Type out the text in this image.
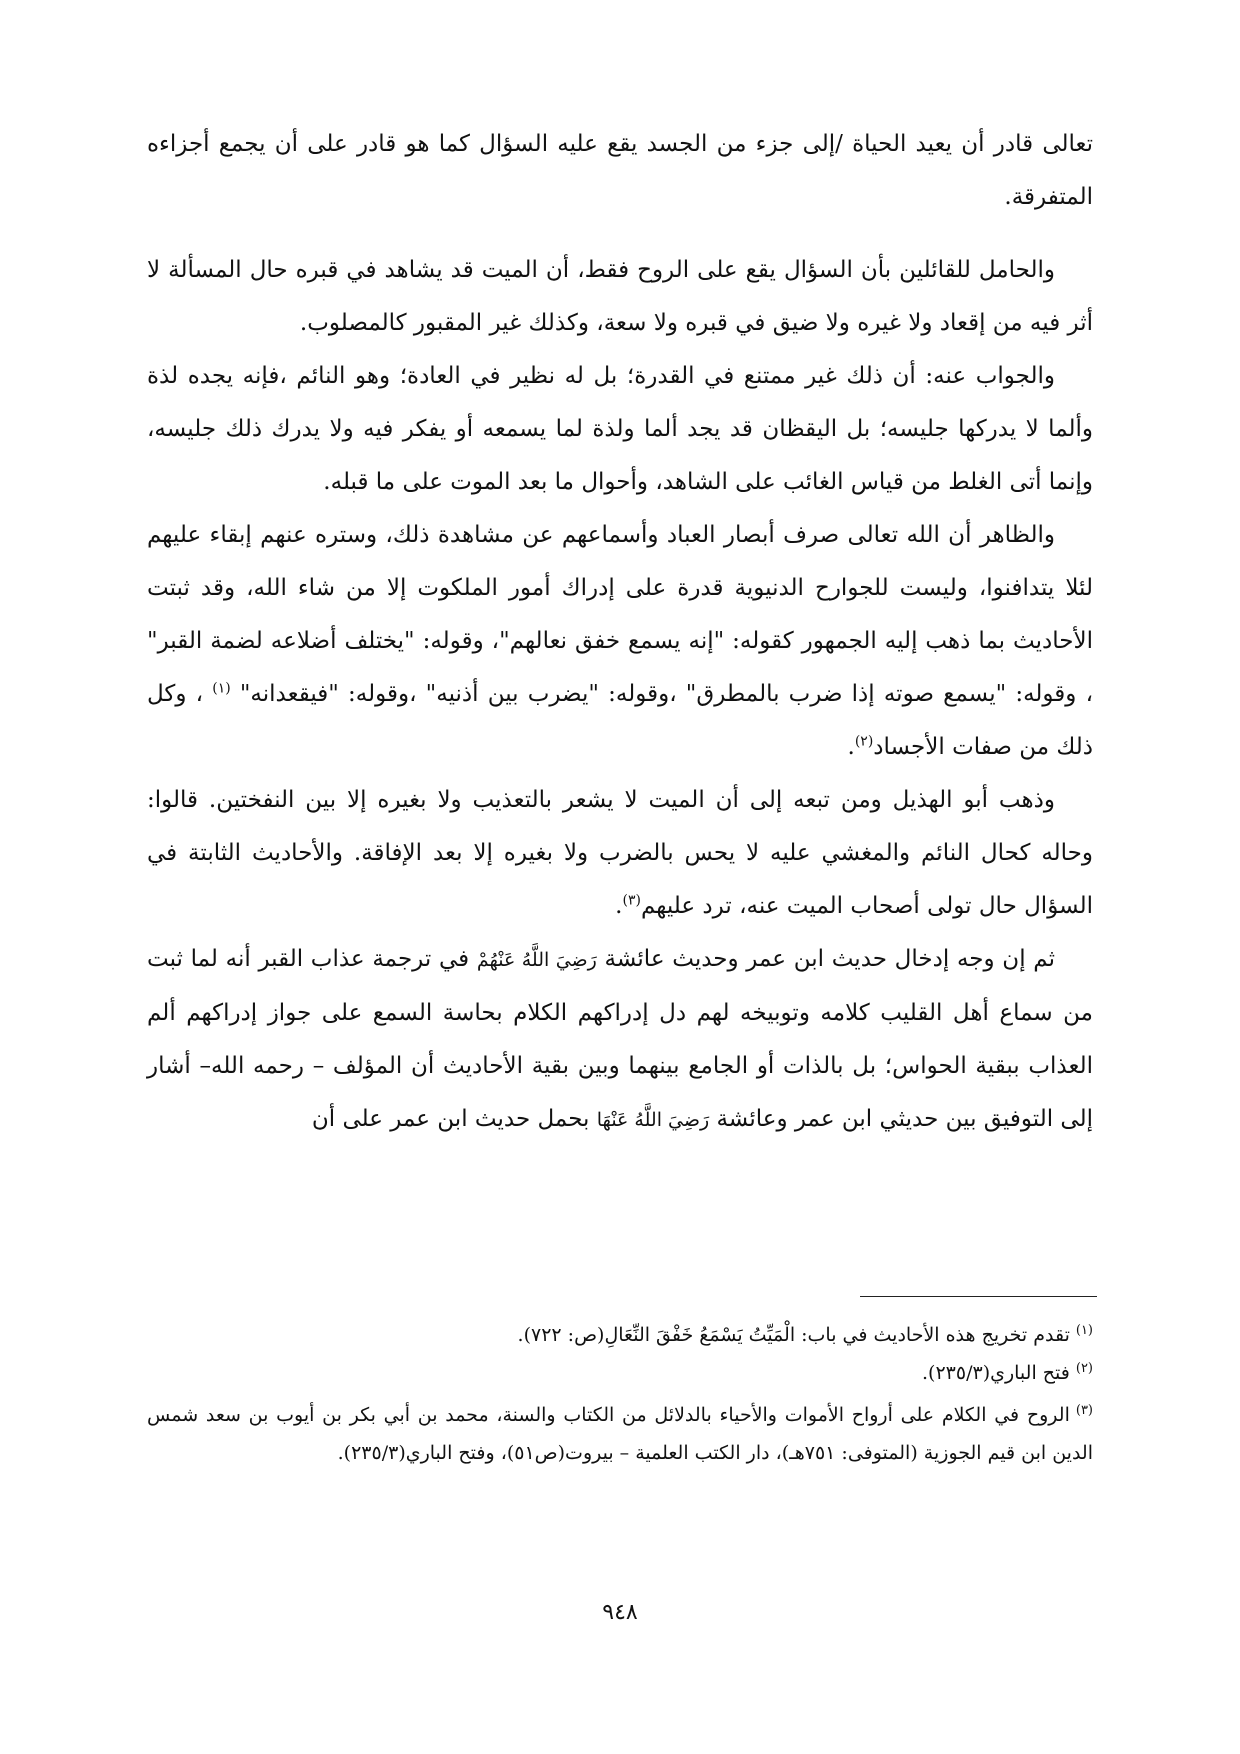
تعالى قادر أن يعيد الحياة /إلى جزء من الجسد يقع عليه السؤال كما هو قادر على أن يجمع أجزاءه المتفرقة.

والحامل للقائلين بأن السؤال يقع على الروح فقط، أن الميت قد يشاهد في قبره حال المسألة لا أثر فيه من إقعاد ولا غيره ولا ضيق في قبره ولا سعة، وكذلك غير المقبور كالمصلوب.

والجواب عنه: أن ذلك غير ممتنع في القدرة؛ بل له نظير في العادة؛ وهو النائم ،فإنه يجده لذة وألما لا يدركها جليسه؛ بل اليقظان قد يجد ألما ولذة لما يسمعه أو يفكر فيه ولا يدرك ذلك جليسه، وإنما أتى الغلط من قياس الغائب على الشاهد، وأحوال ما بعد الموت على ما قبله.

والظاهر أن الله تعالى صرف أبصار العباد وأسماعهم عن مشاهدة ذلك، وستره عنهم إبقاء عليهم لئلا يتدافنوا، وليست للجوارح الدنيوية قدرة على إدراك أمور الملكوت إلا من شاء الله، وقد ثبتت الأحاديث بما ذهب إليه الجمهور كقوله: "إنه يسمع خفق نعالهم"، وقوله: "يختلف أضلاعه لضمة القبر" ، وقوله: "يسمع صوته إذا ضرب بالمطرق" ،وقوله: "يضرب بين أذنيه" ،وقوله: "فيقعدانه" $^{(١)}$ ، وكل ذلك من صفات الأجساد$^{(٢)}$.

وذهب أبو الهذيل ومن تبعه إلى أن الميت لا يشعر بالتعذيب ولا بغيره إلا بين النفختين. قالوا: وحاله كحال النائم والمغشي عليه لا يحس بالضرب ولا بغيره إلا بعد الإفاقة. والأحاديث الثابتة في السؤال حال تولى أصحاب الميت عنه، ترد عليهم$^{(٣)}$.

ثم إن وجه إدخال حديث ابن عمر وحديث عائشة رَضِيَ اللَّهُ عَنْهُمْ في ترجمة عذاب القبر أنه لما ثبت من سماع أهل القليب كلامه وتوبيخه لهم دل إدراكهم الكلام بحاسة السمع على جواز إدراكهم ألم العذاب ببقية الحواس؛ بل بالذات أو الجامع بينهما وبين بقية الأحاديث أن المؤلف – رحمه الله– أشار إلى التوفيق بين حديثي ابن عمر وعائشة رَضِيَ اللَّهُ عَنْهَا بحمل حديث ابن عمر على أن

$^{(١)}$تقدم تخريج هذه الأحاديث في باب: الْمَيِّتُ يَسْمَعُ خَفْقَ النِّعَالِ(ص: ٧٢٢).

$^{(٢)}$فتح الباري(٢٣٥/٣).

$^{(٣)}$الروح في الكلام على أرواح الأموات والأحياء بالدلائل من الكتاب والسنة، محمد بن أبي بكر بن أيوب بن سعد شمس الدين ابن قيم الجوزية (المتوفى: ٧٥١هـ)، دار الكتب العلمية – بيروت(ص٥١)، وفتح الباري(٢٣٥/٣).

٩٤٨
